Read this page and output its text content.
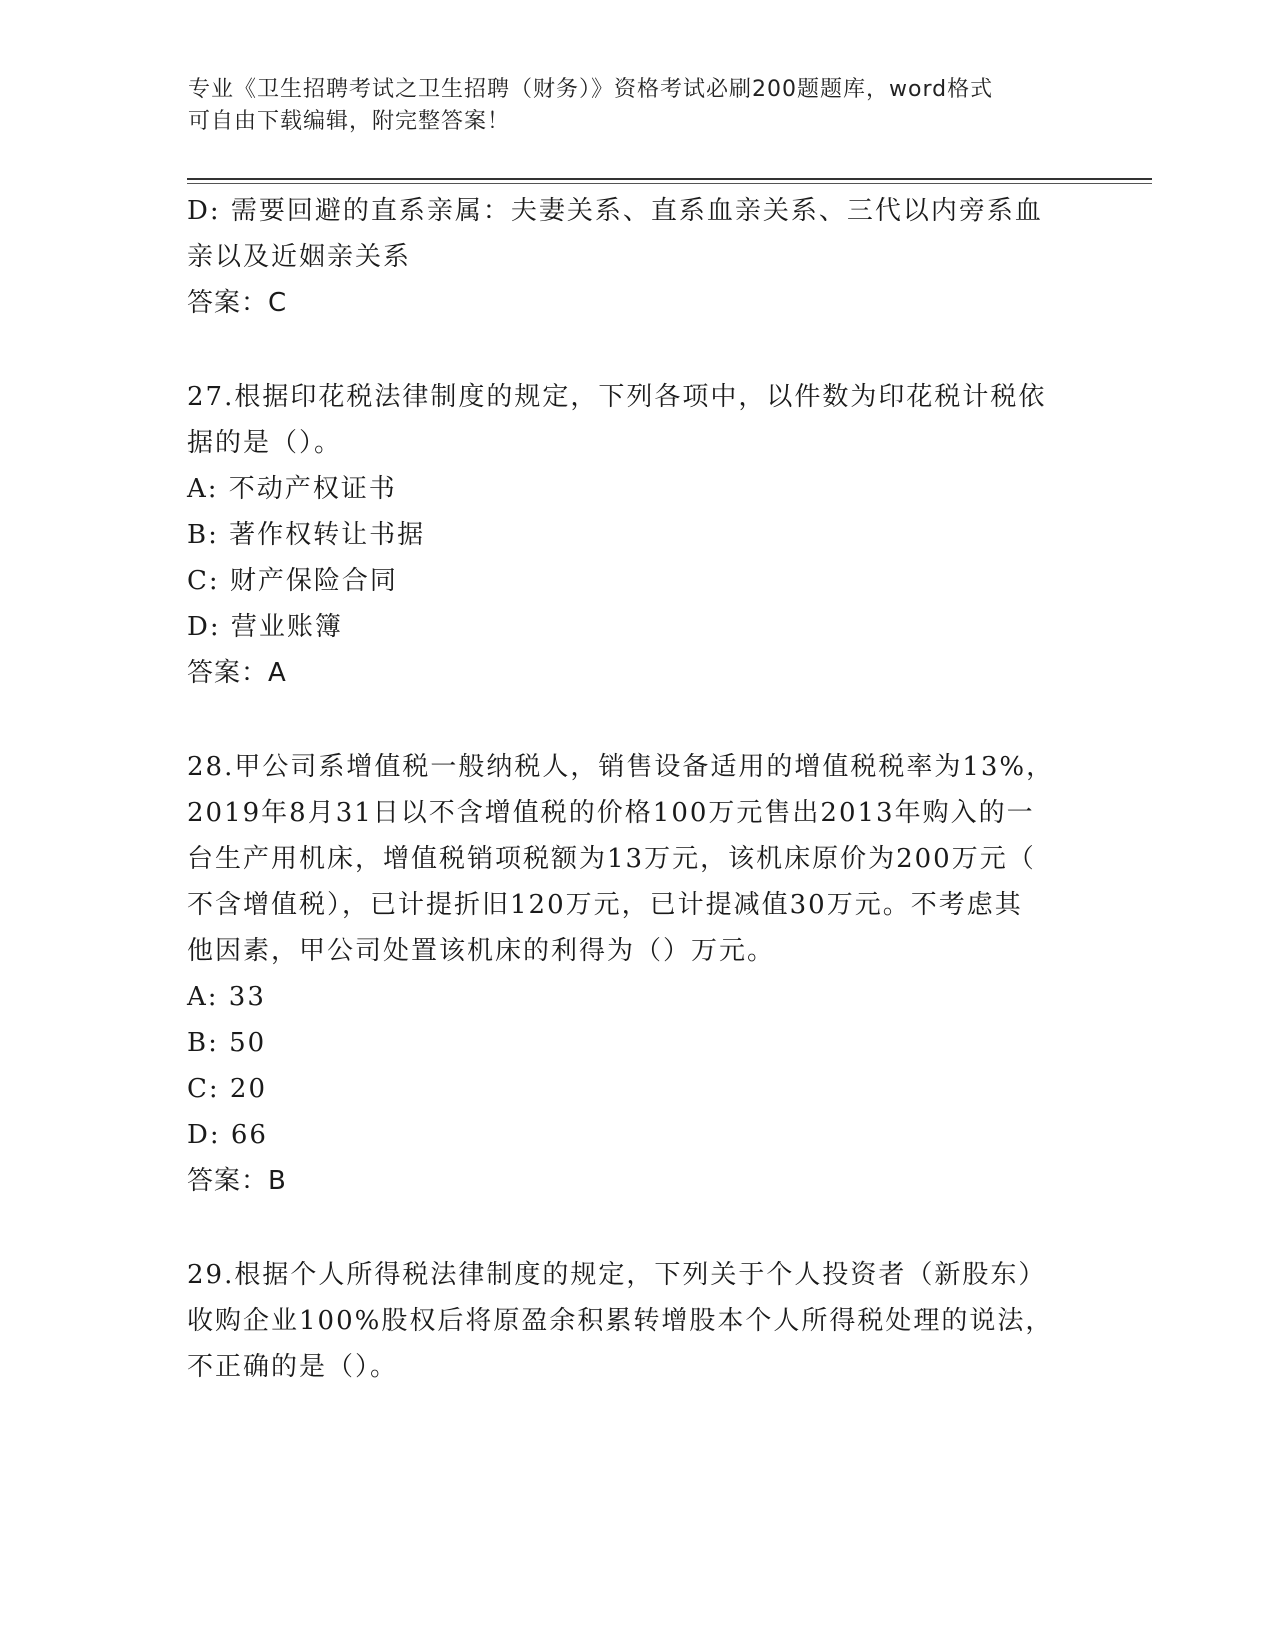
专业《卫生招聘考试之卫生招聘（财务）》资格考试必刷200题题库，word格式
可自由下载编辑，附完整答案！
D: 需要回避的直系亲属：夫妻关系、直系血亲关系、三代以内旁系血
亲以及近姻亲关系
答案：C
27.根据印花税法律制度的规定，下列各项中，以件数为印花税计税依
据的是（）。
A: 不动产权证书
B: 著作权转让书据
C: 财产保险合同
D: 营业账簿
答案：A
28.甲公司系增值税一般纳税人，销售设备适用的增值税税率为13%，
2019年8月31日以不含增值税的价格100万元售出2013年购入的一
台生产用机床，增值税销项税额为13万元，该机床原价为200万元（
不含增值税），已计提折旧120万元，已计提减值30万元。不考虑其
他因素，甲公司处置该机床的利得为（）万元。
A: 33
B: 50
C: 20
D: 66
答案：B
29.根据个人所得税法律制度的规定，下列关于个人投资者（新股东）
收购企业100%股权后将原盈余积累转增股本个人所得税处理的说法，
不正确的是（）。
